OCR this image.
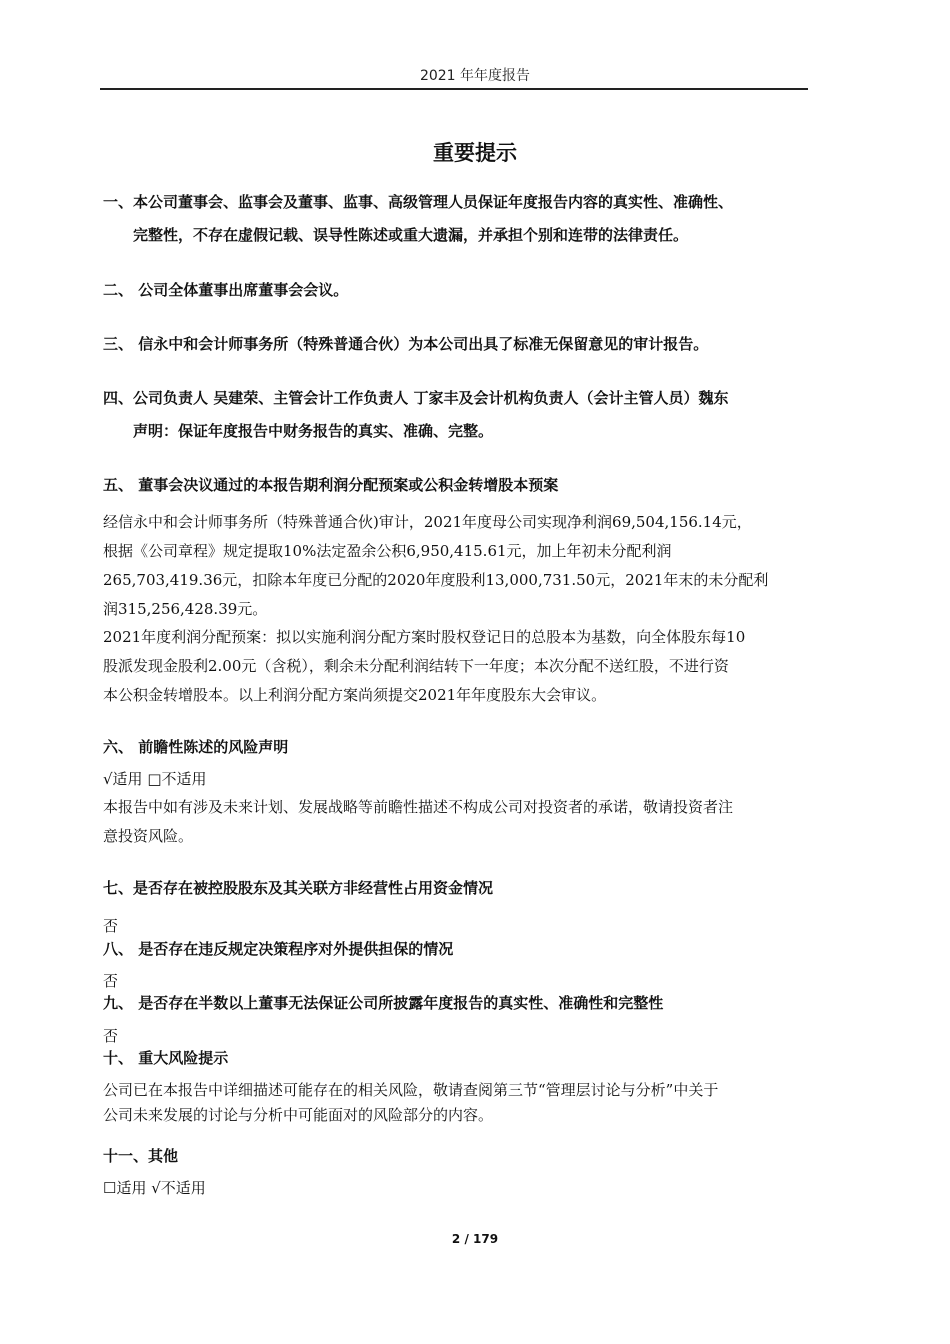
2021 年年度报告
重要提示
一、本公司董事会、监事会及董事、监事、高级管理人员保证年度报告内容的真实性、准确性、
完整性，不存在虚假记载、误导性陈述或重大遗漏，并承担个别和连带的法律责任。
二、 公司全体董事出席董事会会议。
三、 信永中和会计师事务所（特殊普通合伙）为本公司出具了标准无保留意见的审计报告。
四、公司负责人 吴建荣、主管会计工作负责人 丁家丰及会计机构负责人（会计主管人员）魏东
声明：保证年度报告中财务报告的真实、准确、完整。
五、 董事会决议通过的本报告期利润分配预案或公积金转增股本预案
经信永中和会计师事务所（特殊普通合伙)审计，2021年度母公司实现净利润69,504,156.14元，
根据《公司章程》规定提取10%法定盈余公积6,950,415.61元，加上年初未分配利润
265,703,419.36元，扣除本年度已分配的2020年度股利13,000,731.50元，2021年末的未分配利
润315,256,428.39元。
2021年度利润分配预案：拟以实施利润分配方案时股权登记日的总股本为基数，向全体股东每10
股派发现金股利2.00元（含税），剩余未分配利润结转下一年度；本次分配不送红股，不进行资
本公积金转增股本。以上利润分配方案尚须提交2021年年度股东大会审议。
六、 前瞻性陈述的风险声明
√适用 □不适用
本报告中如有涉及未来计划、发展战略等前瞻性描述不构成公司对投资者的承诺，敬请投资者注
意投资风险。
七、是否存在被控股股东及其关联方非经营性占用资金情况
否
八、 是否存在违反规定决策程序对外提供担保的情况
否
九、 是否存在半数以上董事无法保证公司所披露年度报告的真实性、准确性和完整性
否
十、 重大风险提示
公司已在本报告中详细描述可能存在的相关风险，敬请查阅第三节“管理层讨论与分析”中关于
公司未来发展的讨论与分析中可能面对的风险部分的内容。
十一、其他
☐适用 √不适用
2 / 179
